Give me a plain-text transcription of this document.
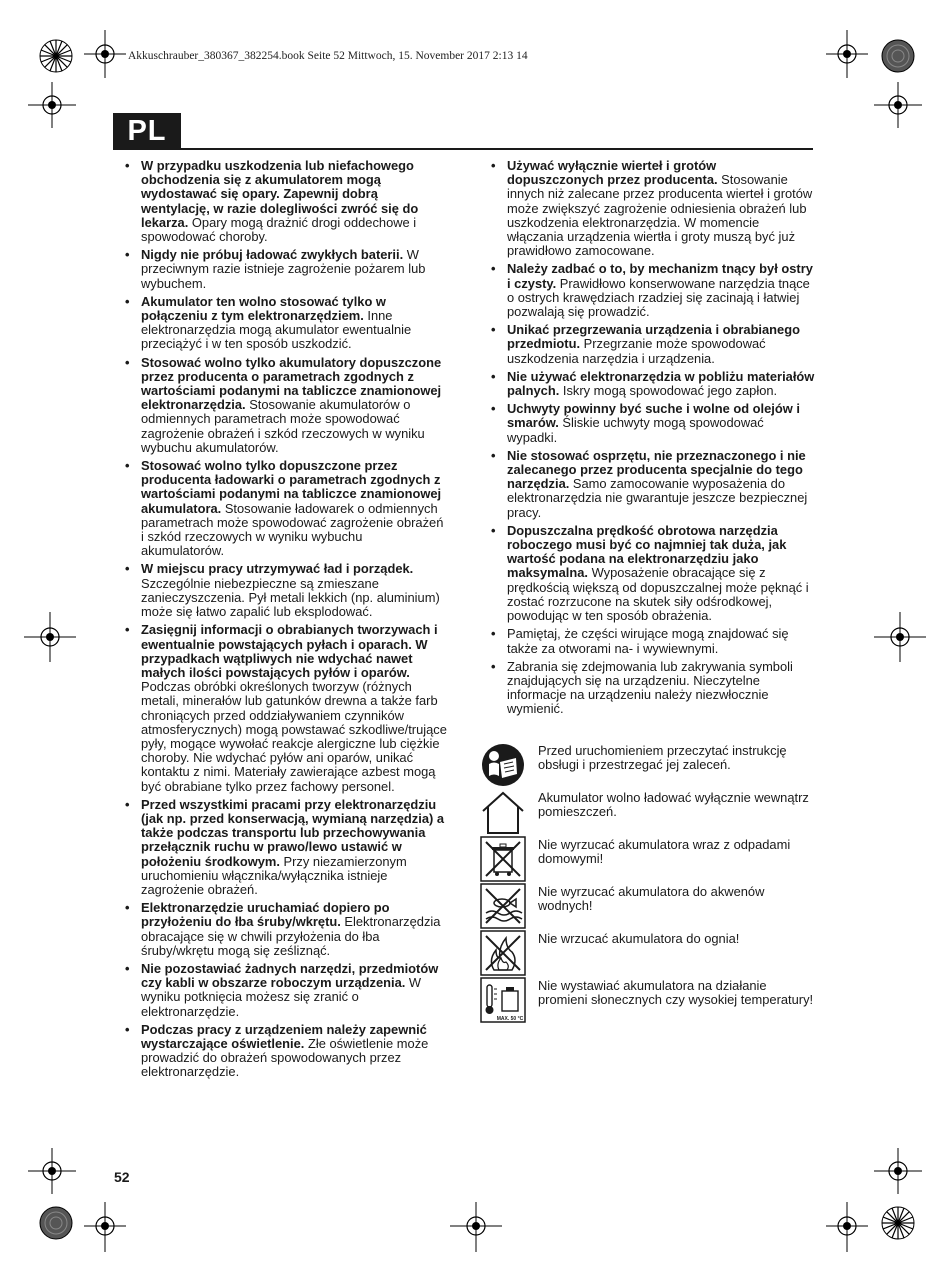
Akkuschrauber_380367_382254.book Seite 52 Mittwoch, 15. November 2017 2:13 14
PL
• W przypadku uszkodzenia lub niefachowego obchodzenia się z akumulatorem mogą wydostawać się opary. Zapewnij dobrą wentylację, w razie dolegliwości zwróć się do lekarza. Opary mogą drażnić drogi oddechowe i spowodować choroby.
• Nigdy nie próbuj ładować zwykłych baterii. W przeciwnym razie istnieje zagrożenie pożarem lub wybuchem.
• Akumulator ten wolno stosować tylko w połączeniu z tym elektronarzędziem. Inne elektronarzędzia mogą akumulator ewentualnie przeciążyć i w ten sposób uszkodzić.
• Stosować wolno tylko akumulatory dopuszczone przez producenta o parametrach zgodnych z wartościami podanymi na tabliczce znamionowej elektronarzędzia. Stosowanie akumulatorów o odmiennych parametrach może spowodować zagrożenie obrażeń i szkód rzeczowych w wyniku wybuchu akumulatorów.
• Stosować wolno tylko dopuszczone przez producenta ładowarki o parametrach zgodnych z wartościami podanymi na tabliczce znamionowej akumulatora. Stosowanie ładowarek o odmiennych parametrach może spowodować zagrożenie obrażeń i szkód rzeczowych w wyniku wybuchu akumulatorów.
• W miejscu pracy utrzymywać ład i porządek. Szczególnie niebezpieczne są zmieszane zanieczyszczenia. Pył metali lekkich (np. aluminium) może się łatwo zapalić lub eksplodować.
• Zasięgnij informacji o obrabianych tworzywach i ewentualnie powstających pyłach i oparach. W przypadkach wątpliwych nie wdychać nawet małych ilości powstających pyłów i oparów. Podczas obróbki określonych tworzyw (różnych metali, minerałów lub gatunków drewna a także farb chroniących przed oddziaływaniem czynników atmosferycznych) mogą powstawać szkodliwe/trujące pyły, mogące wywołać reakcje alergiczne lub ciężkie choroby. Nie wdychać pyłów ani oparów, unikać kontaktu z nimi. Materiały zawierające azbest mogą być obrabiane tylko przez fachowy personel.
• Przed wszystkimi pracami przy elektronarzędziu (jak np. przed konserwacją, wymianą narzędzia) a także podczas transportu lub przechowywania przełącznik ruchu w prawo/lewo ustawić w położeniu środkowym. Przy niezamierzonym uruchomieniu włącznika/wyłącznika istnieje zagrożenie obrażeń.
• Elektronarzędzie uruchamiać dopiero po przyłożeniu do łba śruby/wkrętu. Elektronarzędzia obracające się w chwili przyłożenia do łba śruby/wkrętu mogą się ześliznąć.
• Nie pozostawiać żadnych narzędzi, przedmiotów czy kabli w obszarze roboczym urządzenia. W wyniku potknięcia możesz się zranić o elektronarzędzie.
• Podczas pracy z urządzeniem należy zapewnić wystarczające oświetlenie. Złe oświetlenie może prowadzić do obrażeń spowodowanych przez elektronarzędzie.
• Używać wyłącznie wierteł i grotów dopuszczonych przez producenta. Stosowanie innych niż zalecane przez producenta wierteł i grotów może zwiększyć zagrożenie odniesienia obrażeń lub uszkodzenia elektronarzędzia. W momencie włączania urządzenia wiertła i groty muszą być już prawidłowo zamocowane.
• Należy zadbać o to, by mechanizm tnący był ostry i czysty. Prawidłowo konserwowane narzędzia tnące o ostrych krawędziach rzadziej się zacinają i łatwiej pozwalają się prowadzić.
• Unikać przegrzewania urządzenia i obrabianego przedmiotu. Przegrzanie może spowodować uszkodzenia narzędzia i urządzenia.
• Nie używać elektronarzędzia w pobliżu materiałów palnych. Iskry mogą spowodować jego zapłon.
• Uchwyty powinny być suche i wolne od olejów i smarów. Śliskie uchwyty mogą spowodować wypadki.
• Nie stosować osprzętu, nie przeznaczonego i nie zalecanego przez producenta specjalnie do tego narzędzia. Samo zamocowanie wyposażenia do elektronarzędzia nie gwarantuje jeszcze bezpiecznej pracy.
• Dopuszczalna prędkość obrotowa narzędzia roboczego musi być co najmniej tak duża, jak wartość podana na elektronarzędziu jako maksymalna. Wyposażenie obracające się z prędkością większą od dopuszczalnej może pęknąć i zostać rozrzucone na skutek siły odśrodkowej, powodując w ten sposób obrażenia.
• Pamiętaj, że części wirujące mogą znajdować się także za otworami na- i wywiewnymi.
• Zabrania się zdejmowania lub zakrywania symboli znajdujących się na urządzeniu. Nieczytelne informacje na urządzeniu należy niezwłocznie wymienić.
Przed uruchomieniem przeczytać instrukcję obsługi i przestrzegać jej zaleceń.
Akumulator wolno ładować wyłącznie wewnątrz pomieszczeń.
Nie wyrzucać akumulatora wraz z odpadami domowymi!
Nie wyrzucać akumulatora do akwenów wodnych!
Nie wrzucać akumulatora do ognia!
MAX. 50 °C
Nie wystawiać akumulatora na działanie promieni słonecznych czy wysokiej temperatury!
52
